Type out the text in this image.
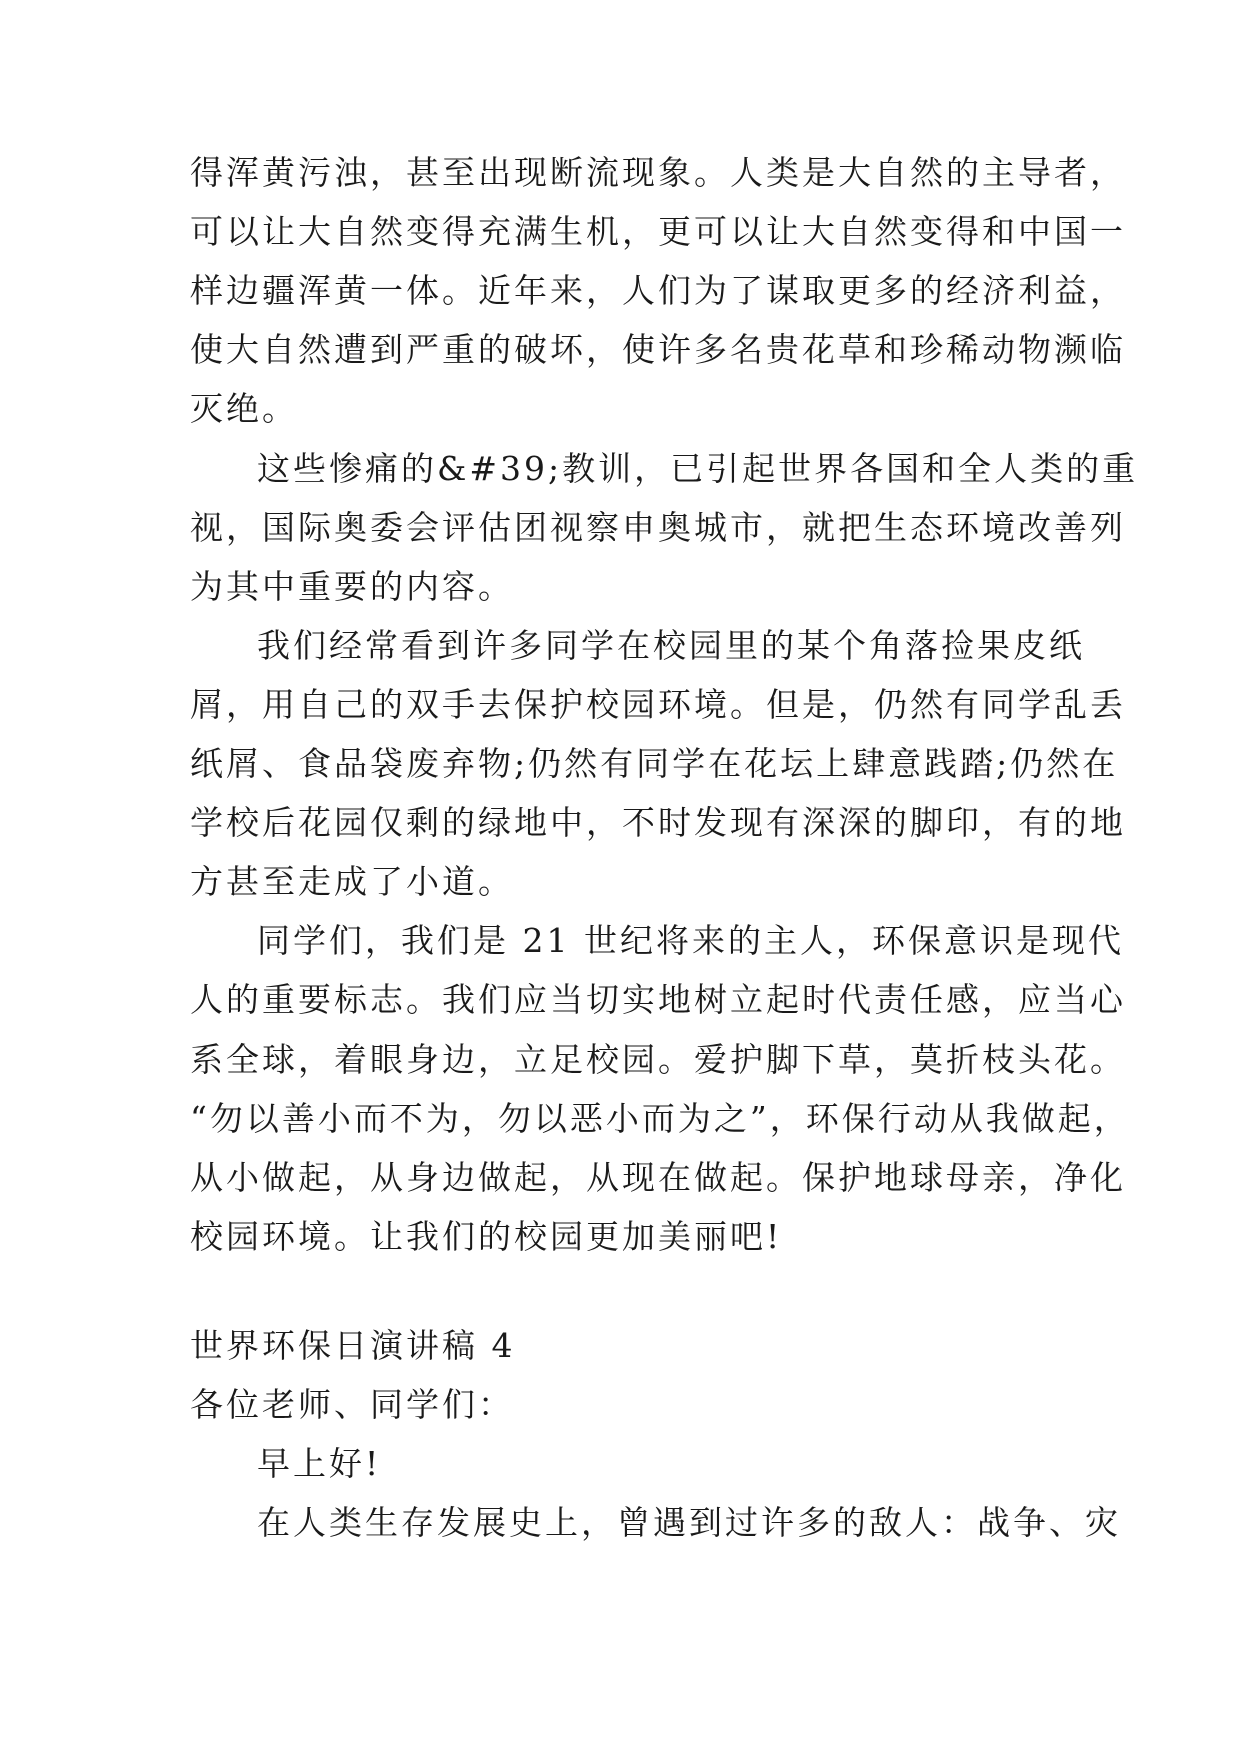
得浑黄污浊，甚至出现断流现象。人类是大自然的主导者，
可以让大自然变得充满生机，更可以让大自然变得和中国一
样边疆浑黄一体。近年来，人们为了谋取更多的经济利益，
使大自然遭到严重的破坏，使许多名贵花草和珍稀动物濒临
灭绝。
这些惨痛的&#39;教训，已引起世界各国和全人类的重
视，国际奥委会评估团视察申奥城市，就把生态环境改善列
为其中重要的内容。
我们经常看到许多同学在校园里的某个角落捡果皮纸
屑，用自己的双手去保护校园环境。但是，仍然有同学乱丢
纸屑、食品袋废弃物;仍然有同学在花坛上肆意践踏;仍然在
学校后花园仅剩的绿地中，不时发现有深深的脚印，有的地
方甚至走成了小道。
同学们，我们是 21 世纪将来的主人，环保意识是现代
人的重要标志。我们应当切实地树立起时代责任感，应当心
系全球，着眼身边，立足校园。爱护脚下草，莫折枝头花。
“勿以善小而不为，勿以恶小而为之”，环保行动从我做起，
从小做起，从身边做起，从现在做起。保护地球母亲，净化
校园环境。让我们的校园更加美丽吧!
世界环保日演讲稿 4
各位老师、同学们：
早上好!
在人类生存发展史上，曾遇到过许多的敌人：战争、灾
